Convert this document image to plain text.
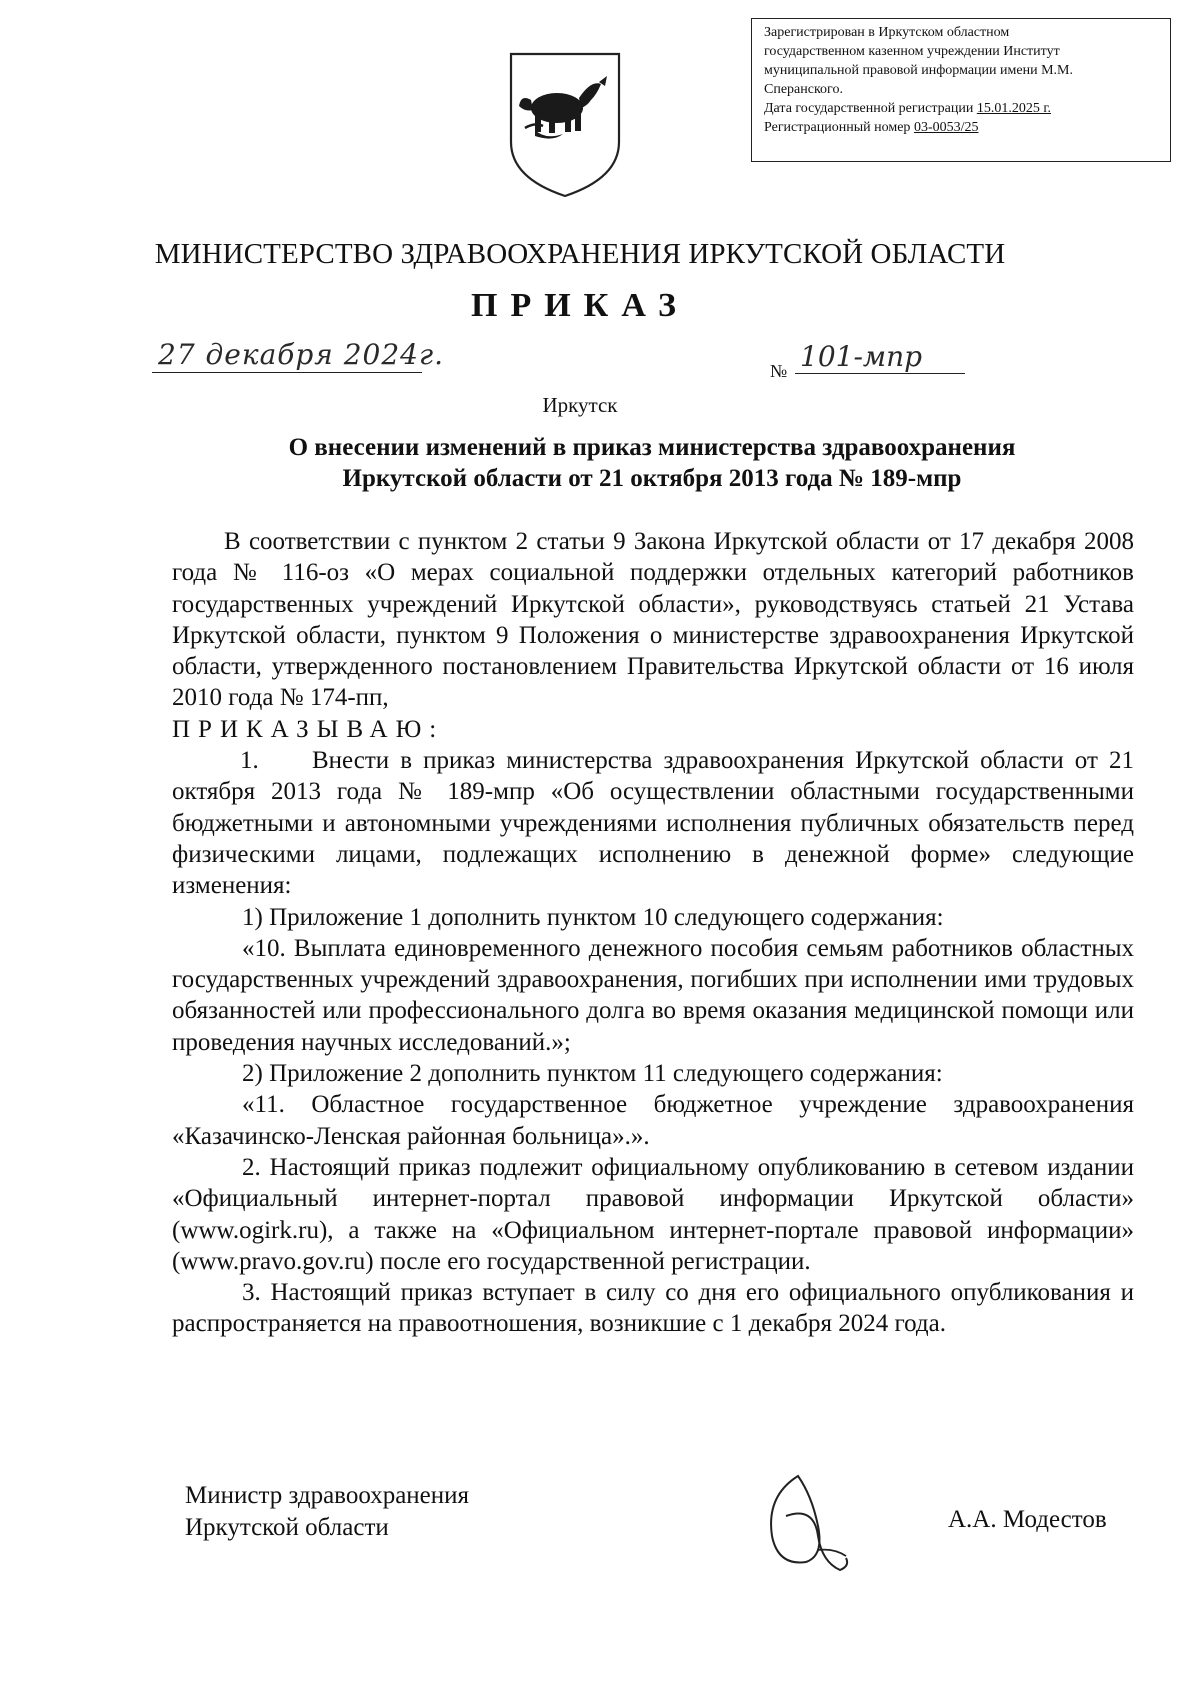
Зарегистрирован в Иркутском областном
государственном казенном учреждении Институт
муниципальной правовой информации имени М.М.
Сперанского.
Дата государственной регистрации 15.01.2025 г.
Регистрационный номер 03-0053/25
МИНИСТЕРСТВО ЗДРАВООХРАНЕНИЯ ИРКУТСКОЙ ОБЛАСТИ
ПРИКАЗ
27 декабря 2024г.	№ 101-мпр
Иркутск
О внесении изменений в приказ министерства здравоохранения
Иркутской области от 21 октября 2013 года № 189-мпр

В соответствии с пунктом 2 статьи 9 Закона Иркутской области от 17 декабря 2008 года № 116-оз «О мерах социальной поддержки отдельных категорий работников государственных учреждений Иркутской области», руководствуясь статьей 21 Устава Иркутской области, пунктом 9 Положения о министерстве здравоохранения Иркутской области, утвержденного постановлением Правительства Иркутской области от 16 июля 2010 года № 174-пп,

ПРИКАЗЫВАЮ:

1. Внести в приказ министерства здравоохранения Иркутской области от 21 октября 2013 года № 189-мпр «Об осуществлении областными государственными бюджетными и автономными учреждениями исполнения публичных обязательств перед физическими лицами, подлежащих исполнению в денежной форме» следующие изменения:

1) Приложение 1 дополнить пунктом 10 следующего содержания:

«10. Выплата единовременного денежного пособия семьям работников областных государственных учреждений здравоохранения, погибших при исполнении ими трудовых обязанностей или профессионального долга во время оказания медицинской помощи или проведения научных исследований.»;

2) Приложение 2 дополнить пунктом 11 следующего содержания:

«11. Областное государственное бюджетное учреждение здравоохранения «Казачинско-Ленская районная больница».».

2. Настоящий приказ подлежит официальному опубликованию в сетевом издании «Официальный интернет-портал правовой информации Иркутской области» (www.ogirk.ru), а также на «Официальном интернет-портале правовой информации» (www.pravo.gov.ru) после его государственной регистрации.

3. Настоящий приказ вступает в силу со дня его официального опубликования и распространяется на правоотношения, возникшие с 1 декабря 2024 года.

Министр здравоохранения
Иркутской области	А.А. Модестов
